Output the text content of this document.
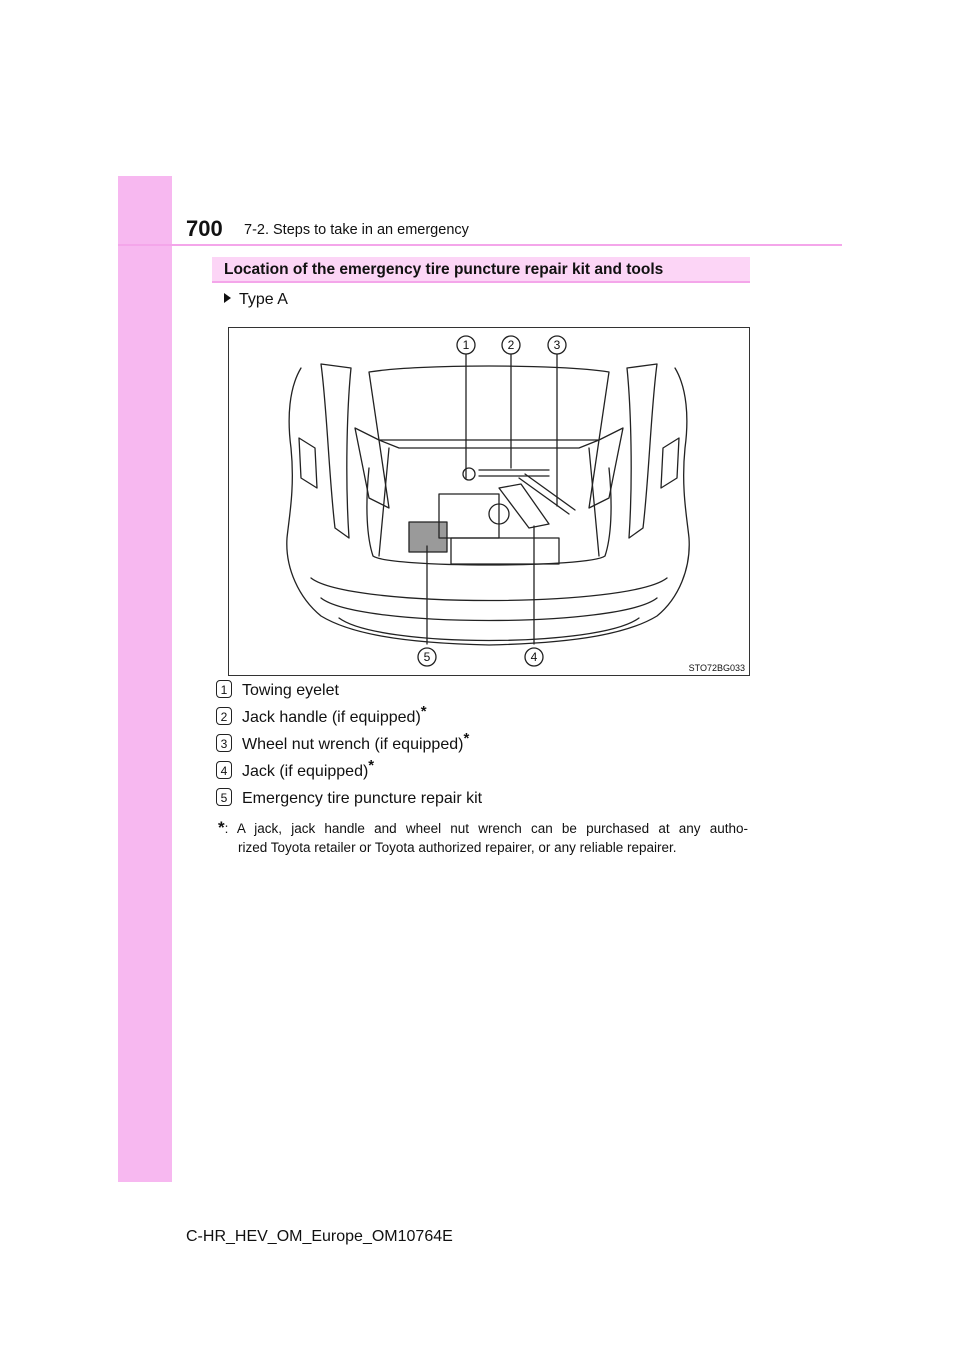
700 7-2. Steps to take in an emergency
Location of the emergency tire puncture repair kit and tools
Type A
1	2	3
4
5
STO72BG033
1 Towing eyelet
2 Jack handle (if equipped)*
3 Wheel nut wrench (if equipped)*
4 Jack (if equipped)*
5 Emergency tire puncture repair kit
*: A jack, jack handle and wheel nut wrench can be purchased at any autho-
rized Toyota retailer or Toyota authorized repairer, or any reliable repairer.
C-HR_HEV_OM_Europe_OM10764E
